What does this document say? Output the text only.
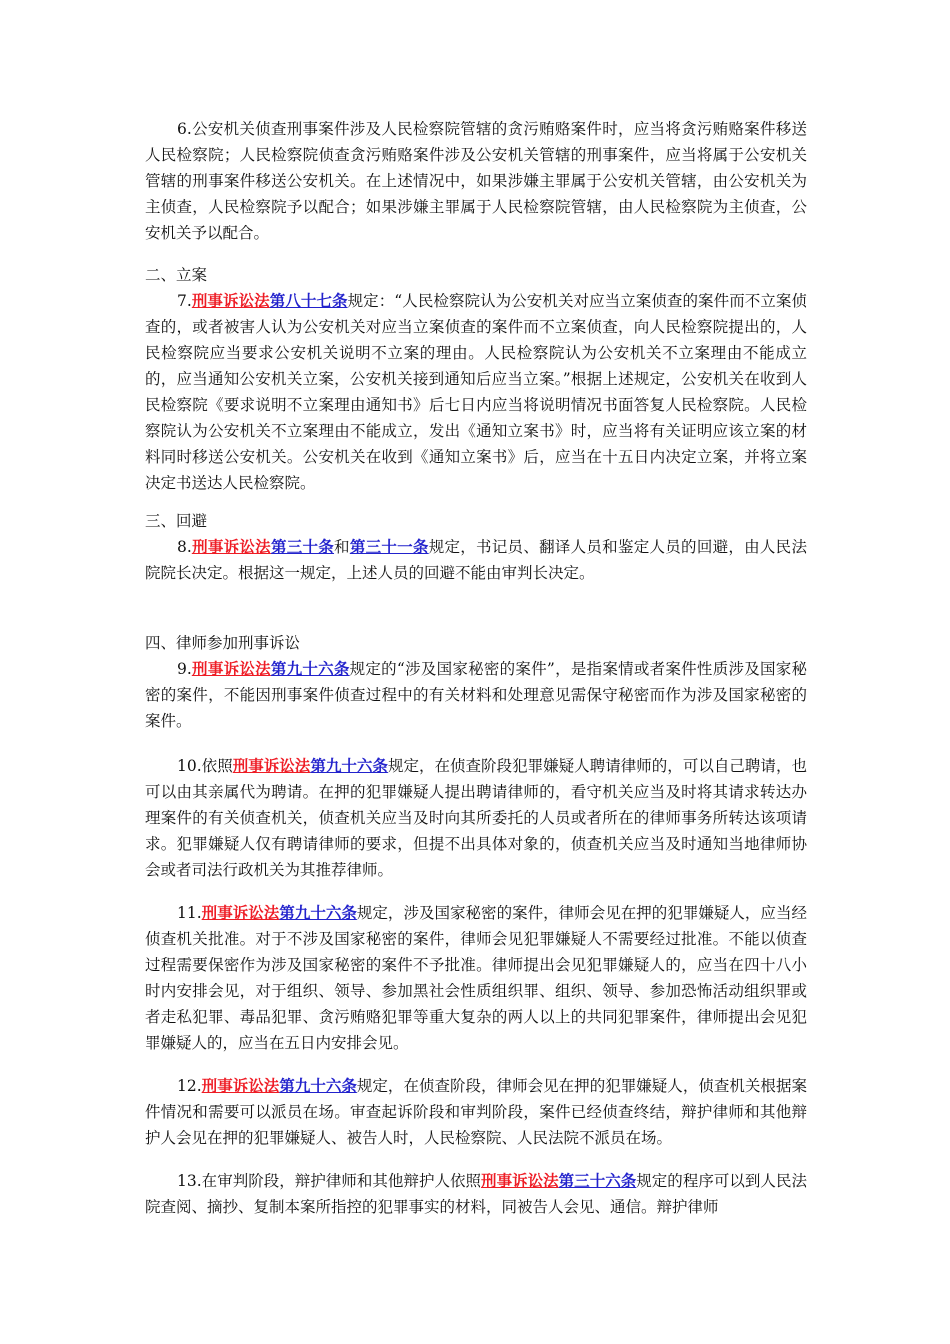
6.公安机关侦查刑事案件涉及人民检察院管辖的贪污贿赂案件时，应当将贪污贿赂案件移送人民检察院；人民检察院侦查贪污贿赂案件涉及公安机关管辖的刑事案件，应当将属于公安机关管辖的刑事案件移送公安机关。在上述情况中，如果涉嫌主罪属于公安机关管辖，由公安机关为主侦查，人民检察院予以配合；如果涉嫌主罪属于人民检察院管辖，由人民检察院为主侦查，公安机关予以配合。

二、立案

7.刑事诉讼法第八十七条规定：“人民检察院认为公安机关对应当立案侦查的案件而不立案侦查的，或者被害人认为公安机关对应当立案侦查的案件而不立案侦查，向人民检察院提出的，人民检察院应当要求公安机关说明不立案的理由。人民检察院认为公安机关不立案理由不能成立的，应当通知公安机关立案，公安机关接到通知后应当立案。”根据上述规定，公安机关在收到人民检察院《要求说明不立案理由通知书》后七日内应当将说明情况书面答复人民检察院。人民检察院认为公安机关不立案理由不能成立，发出《通知立案书》时，应当将有关证明应该立案的材料同时移送公安机关。公安机关在收到《通知立案书》后，应当在十五日内决定立案，并将立案决定书送达人民检察院。

三、回避

8.刑事诉讼法第三十条和第三十一条规定，书记员、翻译人员和鉴定人员的回避，由人民法院院长决定。根据这一规定，上述人员的回避不能由审判长决定。

四、律师参加刑事诉讼

9.刑事诉讼法第九十六条规定的“涉及国家秘密的案件”，是指案情或者案件性质涉及国家秘密的案件，不能因刑事案件侦查过程中的有关材料和处理意见需保守秘密而作为涉及国家秘密的案件。

10.依照刑事诉讼法第九十六条规定，在侦查阶段犯罪嫌疑人聘请律师的，可以自己聘请，也可以由其亲属代为聘请。在押的犯罪嫌疑人提出聘请律师的，看守机关应当及时将其请求转达办理案件的有关侦查机关，侦查机关应当及时向其所委托的人员或者所在的律师事务所转达该项请求。犯罪嫌疑人仅有聘请律师的要求，但提不出具体对象的，侦查机关应当及时通知当地律师协会或者司法行政机关为其推荐律师。

11.刑事诉讼法第九十六条规定，涉及国家秘密的案件，律师会见在押的犯罪嫌疑人，应当经侦查机关批准。对于不涉及国家秘密的案件，律师会见犯罪嫌疑人不需要经过批准。不能以侦查过程需要保密作为涉及国家秘密的案件不予批准。律师提出会见犯罪嫌疑人的，应当在四十八小时内安排会见，对于组织、领导、参加黑社会性质组织罪、组织、领导、参加恐怖活动组织罪或者走私犯罪、毒品犯罪、贪污贿赂犯罪等重大复杂的两人以上的共同犯罪案件，律师提出会见犯罪嫌疑人的，应当在五日内安排会见。

12.刑事诉讼法第九十六条规定，在侦查阶段，律师会见在押的犯罪嫌疑人，侦查机关根据案件情况和需要可以派员在场。审查起诉阶段和审判阶段，案件已经侦查终结，辩护律师和其他辩护人会见在押的犯罪嫌疑人、被告人时，人民检察院、人民法院不派员在场。

13.在审判阶段，辩护律师和其他辩护人依照刑事诉讼法第三十六条规定的程序可以到人民法院查阅、摘抄、复制本案所指控的犯罪事实的材料，同被告人会见、通信。辩护律师
